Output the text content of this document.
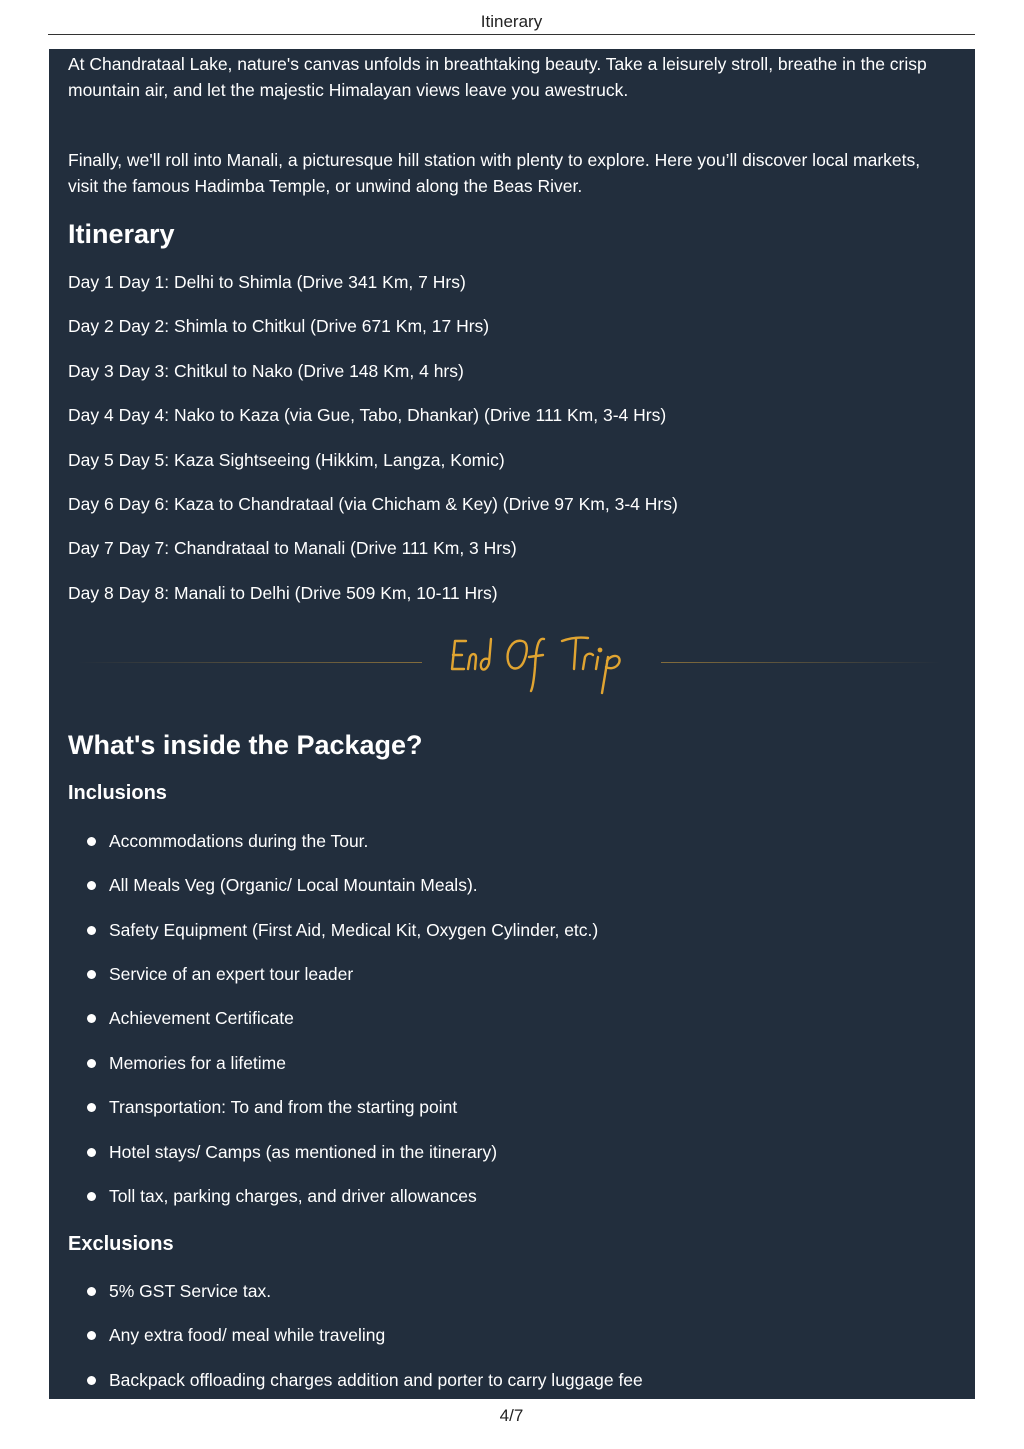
Itinerary

At Chandrataal Lake, nature's canvas unfolds in breathtaking beauty. Take a leisurely stroll, breathe in the crisp mountain air, and let the majestic Himalayan views leave you awestruck.

Finally, we'll roll into Manali, a picturesque hill station with plenty to explore. Here you’ll discover local markets, visit the famous Hadimba Temple, or unwind along the Beas River.

Itinerary

Day 1 Day 1: Delhi to Shimla (Drive 341 Km, 7 Hrs)

Day 2 Day 2: Shimla to Chitkul (Drive 671 Km, 17 Hrs)

Day 3 Day 3: Chitkul to Nako (Drive 148 Km, 4 hrs)

Day 4 Day 4: Nako to Kaza (via Gue, Tabo, Dhankar) (Drive 111 Km, 3-4 Hrs)

Day 5 Day 5: Kaza Sightseeing (Hikkim, Langza, Komic)

Day 6 Day 6: Kaza to Chandrataal (via Chicham & Key) (Drive 97 Km, 3-4 Hrs)

Day 7 Day 7: Chandrataal to Manali (Drive 111 Km, 3 Hrs)

Day 8 Day 8: Manali to Delhi (Drive 509 Km, 10-11 Hrs)

End Of Trip
What's inside the Package?
Inclusions
Accommodations during the Tour.
All Meals Veg (Organic/ Local Mountain Meals).
Safety Equipment (First Aid, Medical Kit, Oxygen Cylinder, etc.)
Service of an expert tour leader
Achievement Certificate
Memories for a lifetime
Transportation: To and from the starting point
Hotel stays/ Camps (as mentioned in the itinerary)
Toll tax, parking charges, and driver allowances
Exclusions
5% GST Service tax.
Any extra food/ meal while traveling
Backpack offloading charges addition and porter to carry luggage fee
4/7
